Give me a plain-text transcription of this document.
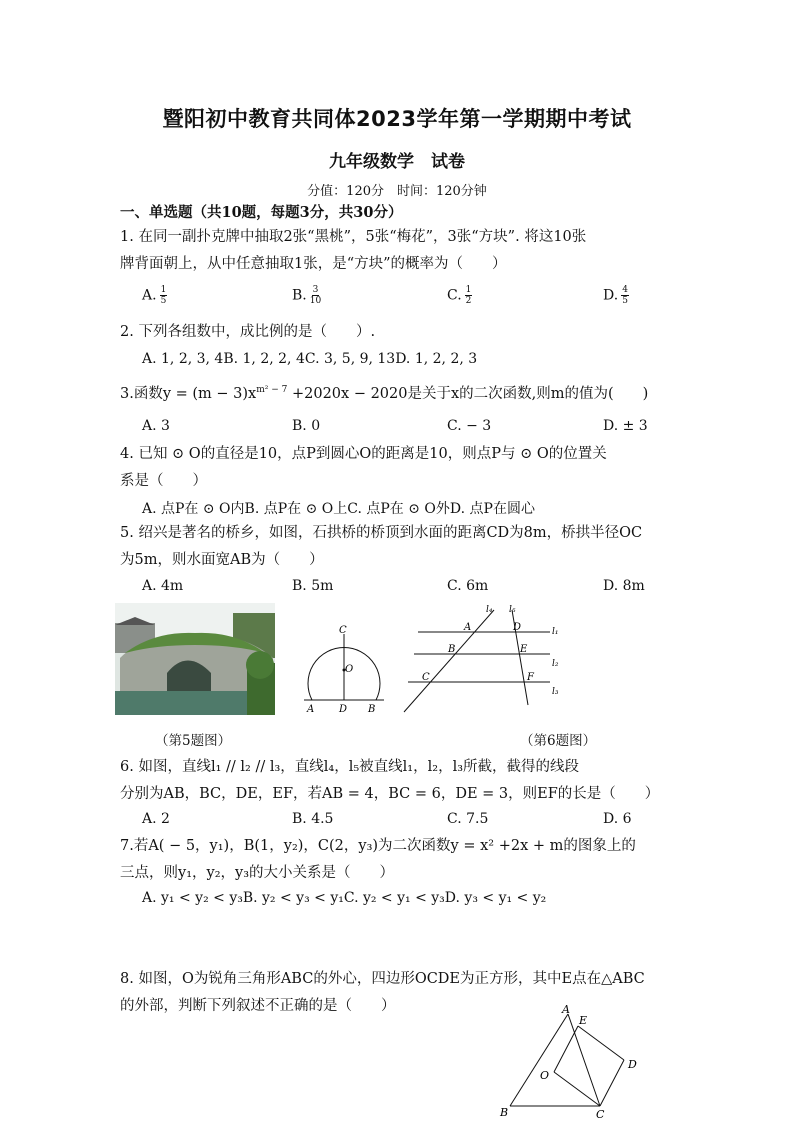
暨阳初中教育共同体2023学年第一学期期中考试
九年级数学　试卷
分值：120分　时间：120分钟
一、单选题（共10题，每题3分，共30分）
1. 在同一副扑克牌中抽取2张“黑桃”，5张“梅花”，3张“方块”. 将这10张
牌背面朝上，从中任意抽取1张，是“方块”的概率为（　　）
A. $\frac{1}{5}$	B. $\frac{3}{10}$	C. $\frac{1}{2}$	D. $\frac{4}{5}$
2. 下列各组数中，成比例的是（　　）.
A. 1, 2, 3, 4B. 1, 2, 2, 4C. 3, 5, 9, 13D. 1, 2, 2, 3
3.函数$y = (m - 3)x^{m^2 - 7} +2020x - 2020$是关于x的二次函数,则m的值为(　　)
A. 3	B. 0	C. − 3	D. ± 3
4. 已知 ⊙ O的直径是10，点P到圆心O的距离是10，则点P与 ⊙ O的位置关
系是（　　）
A. 点P在 ⊙ O内B. 点P在 ⊙ O上C. 点P在 ⊙ O外D. 点P在圆心
5. 绍兴是著名的桥乡，如图，石拱桥的桥顶到水面的距离CD为8m，桥拱半径OC
为5m，则水面宽AB为（　　）
A. 4m	B. 5m	C. 6m	D. 8m
C
O
A D B
l₄ l₅
A	D	l₁
B	E
l₂
C	F
l₃
（第5题图）	（第6题图）
6. 如图，直线l₁ // l₂ // l₃，直线l₄，l₅被直线l₁，l₂，l₃所截，截得的线段
分别为AB，BC，DE，EF，若AB = 4，BC = 6，DE = 3，则EF的长是（　　）
A. 2	B. 4.5	C. 7.5	D. 6
7.若A( − 5，y₁)，B(1，y₂)，C(2，y₃)为二次函数y = x² +2x + m的图象上的
三点，则y₁，y₂，y₃的大小关系是（　　）
A. y₁ < y₂ < y₃B. y₂ < y₃ < y₁C. y₂ < y₁ < y₃D. y₃ < y₁ < y₂
8. 如图，O为锐角三角形ABC的外心，四边形OCDE为正方形，其中E点在△ABC
的外部，判断下列叙述不正确的是（　　）	A
E
D
O
B	C
